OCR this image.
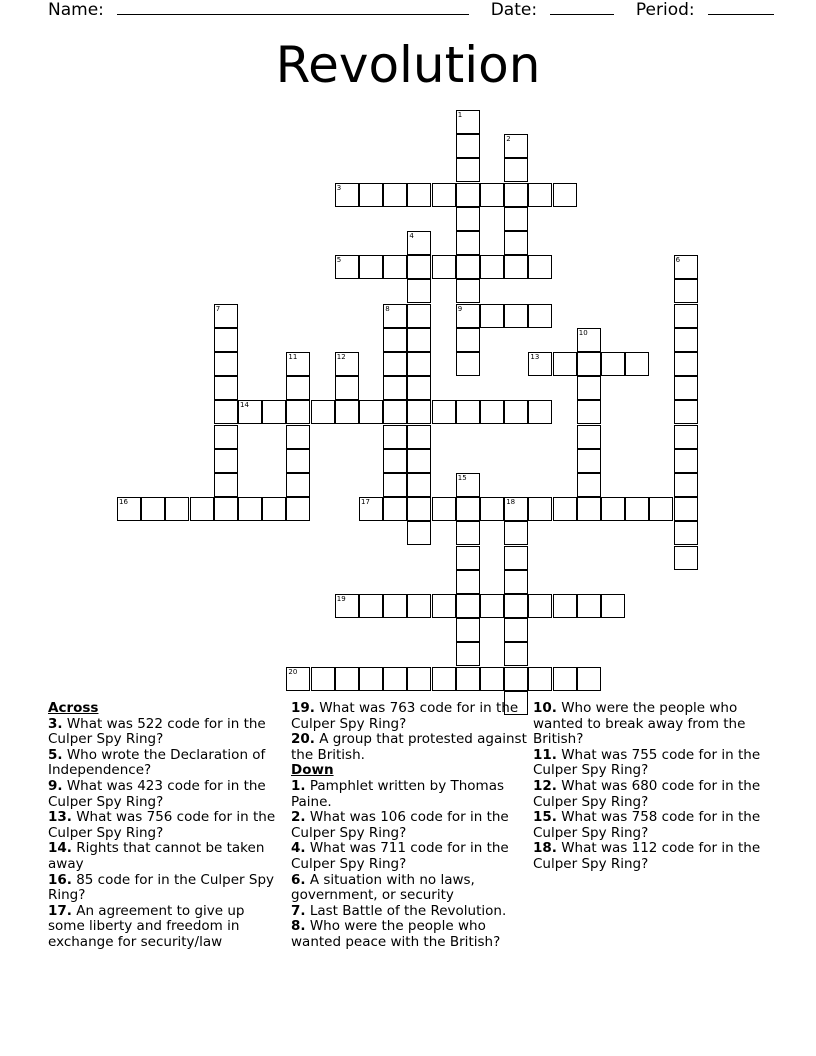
Name:	Date:	Period:
Revolution
1
9
2
3
4
5	6
7	8
10
11	12	13
14
15
16	17	18
19
20
Across
3. What was 522 code for in the Culper Spy Ring?
5. Who wrote the Declaration of Independence?
9. What was 423 code for in the Culper Spy Ring?
13. What was 756 code for in the Culper Spy Ring?
14. Rights that cannot be taken away
16. 85 code for in the Culper Spy Ring?
17. An agreement to give up some liberty and freedom in exchange for security/law
19. What was 763 code for in the Culper Spy Ring?
20. A group that protested against the British.
Down
1. Pamphlet written by Thomas Paine.
2. What was 106 code for in the Culper Spy Ring?
4. What was 711 code for in the Culper Spy Ring?
6. A situation with no laws, government, or security
7. Last Battle of the Revolution.
8. Who were the people who wanted peace with the British?
10. Who were the people who wanted to break away from the British?
11. What was 755 code for in the Culper Spy Ring?
12. What was 680 code for in the Culper Spy Ring?
15. What was 758 code for in the Culper Spy Ring?
18. What was 112 code for in the Culper Spy Ring?
